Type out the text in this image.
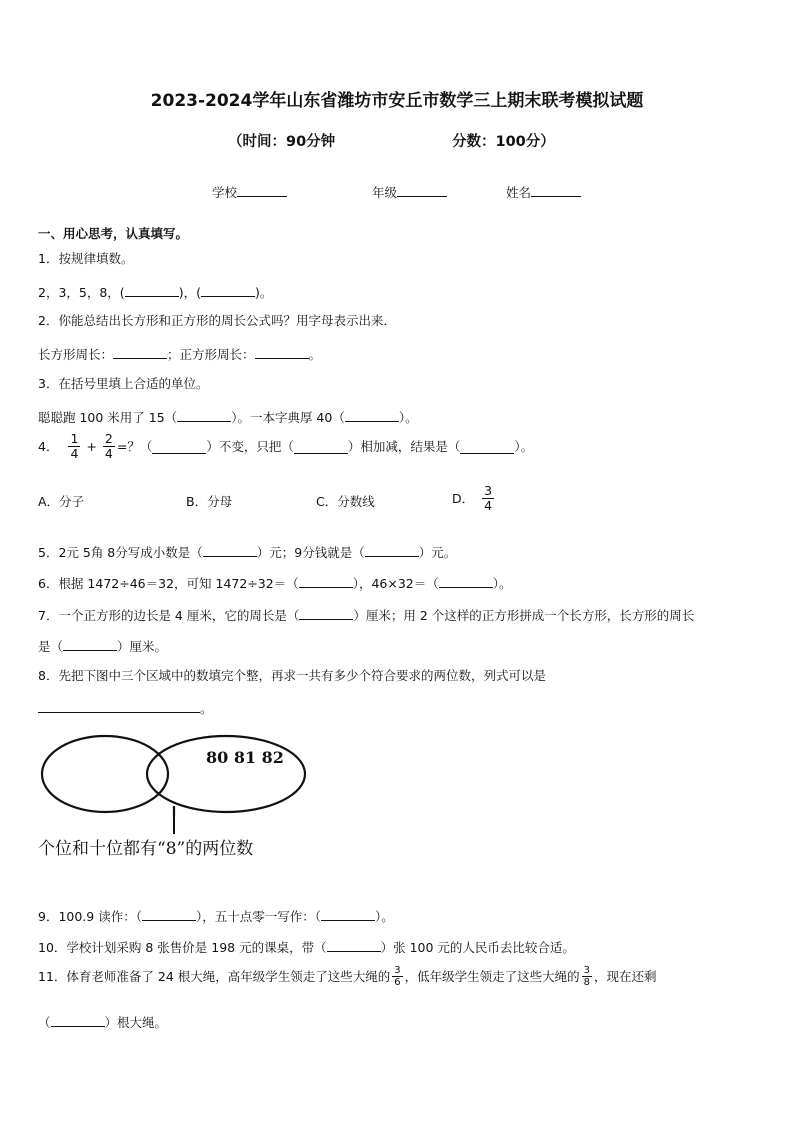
2023-2024学年山东省潍坊市安丘市数学三上期末联考模拟试题
（时间：90分钟	分数：100分）
学校	年级	姓名
一、用心思考，认真填写。
1．按规律填数。
2，3，5，8，(	)，(	)。
2．你能总结出长方形和正方形的周长公式吗？用字母表示出来．
长方形周长：	；正方形周长：	。
3．在括号里填上合适的单位。
聪聪跑 100 米用了 15（	）。一本字典厚 40（	）。
4． $\frac{1}{4} + \frac{2}{4}$ =？（	）不变，只把（	）相加减，结果是（	）。
A．分子	B．分母	C．分数线	D． $\frac{3}{4}$
5．2元 5角 8分写成小数是（	）元；9分钱就是（	）元。
6．根据 1472÷46＝32，可知 1472÷32＝（	），46×32＝（	）。
7．一个正方形的边长是 4 厘米，它的周长是（	）厘米；用 2 个这样的正方形拼成一个长方形，长方形的周长
是（	）厘米。
8．先把下图中三个区域中的数填完个整，再求一共有多少个符合要求的两位数，列式可以是
。
80 81 82
个位和十位都有“8”的两位数
9．100.9 读作：（	），五十点零一写作：（	）。
10．学校计划采购 8 张售价是 198 元的课桌，带（	）张 100 元的人民币去比较合适。
11．体育老师准备了 24 根大绳，高年级学生领走了这些大绳的 $\frac{3}{6}$ ，低年级学生领走了这些大绳的 $\frac{3}{8}$ ，现在还剩
（	）根大绳。
